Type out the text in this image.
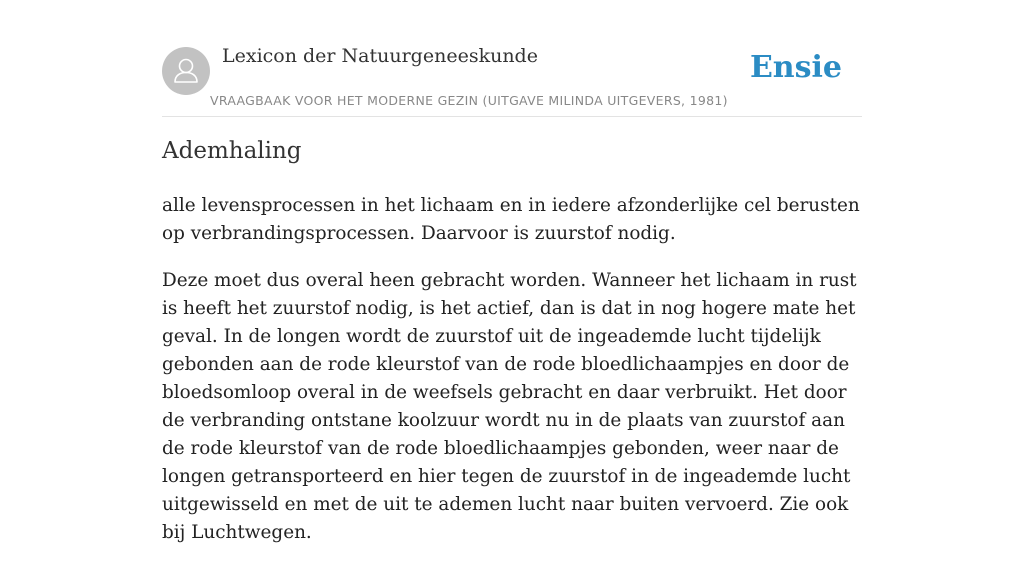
Lexicon der Natuurgeneeskunde
VRAAGBAAK VOOR HET MODERNE GEZIN (UITGAVE MILINDA UITGEVERS, 1981)
Ensie
Ademhaling

alle levensprocessen in het lichaam en in iedere afzonderlijke cel berusten op verbrandingsprocessen. Daarvoor is zuurstof nodig.

Deze moet dus overal heen gebracht worden. Wanneer het lichaam in rust is heeft het zuurstof nodig, is het actief, dan is dat in nog hogere mate het geval. In de longen wordt de zuurstof uit de ingeademde lucht tijdelijk gebonden aan de rode kleurstof van de rode bloedlichaampjes en door de bloedsomloop overal in de weefsels gebracht en daar verbruikt. Het door de verbranding ontstane koolzuur wordt nu in de plaats van zuurstof aan de rode kleurstof van de rode bloedlichaampjes gebonden, weer naar de longen getransporteerd en hier tegen de zuurstof in de ingeademde lucht uitgewisseld en met de uit te ademen lucht naar buiten vervoerd. Zie ook bij Luchtwegen.
